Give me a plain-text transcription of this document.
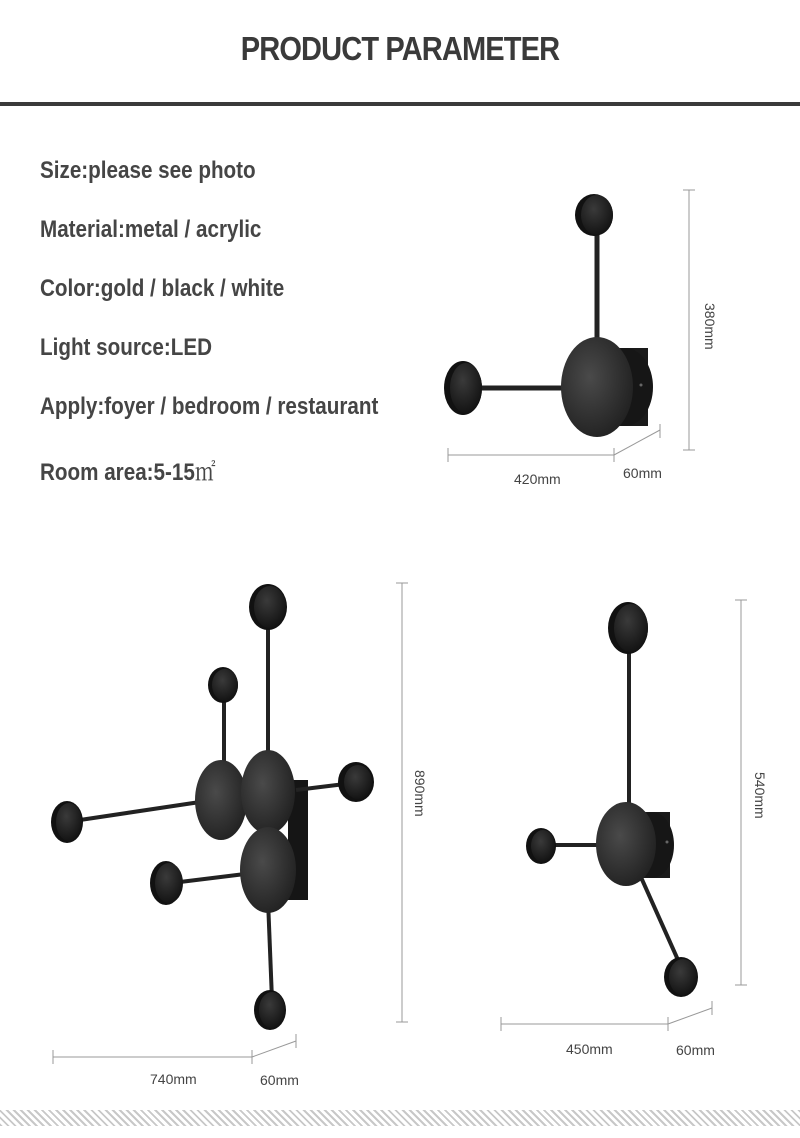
PRODUCT PARAMETER
Size:please see photo
Material:metal / acrylic
Color:gold / black / white
Light source:LED
Apply:foyer / bedroom / restaurant
Room area:5-15㎡
380mm
420mm	60mm
890mm
740mm	60mm
540mm
450mm	60mm
